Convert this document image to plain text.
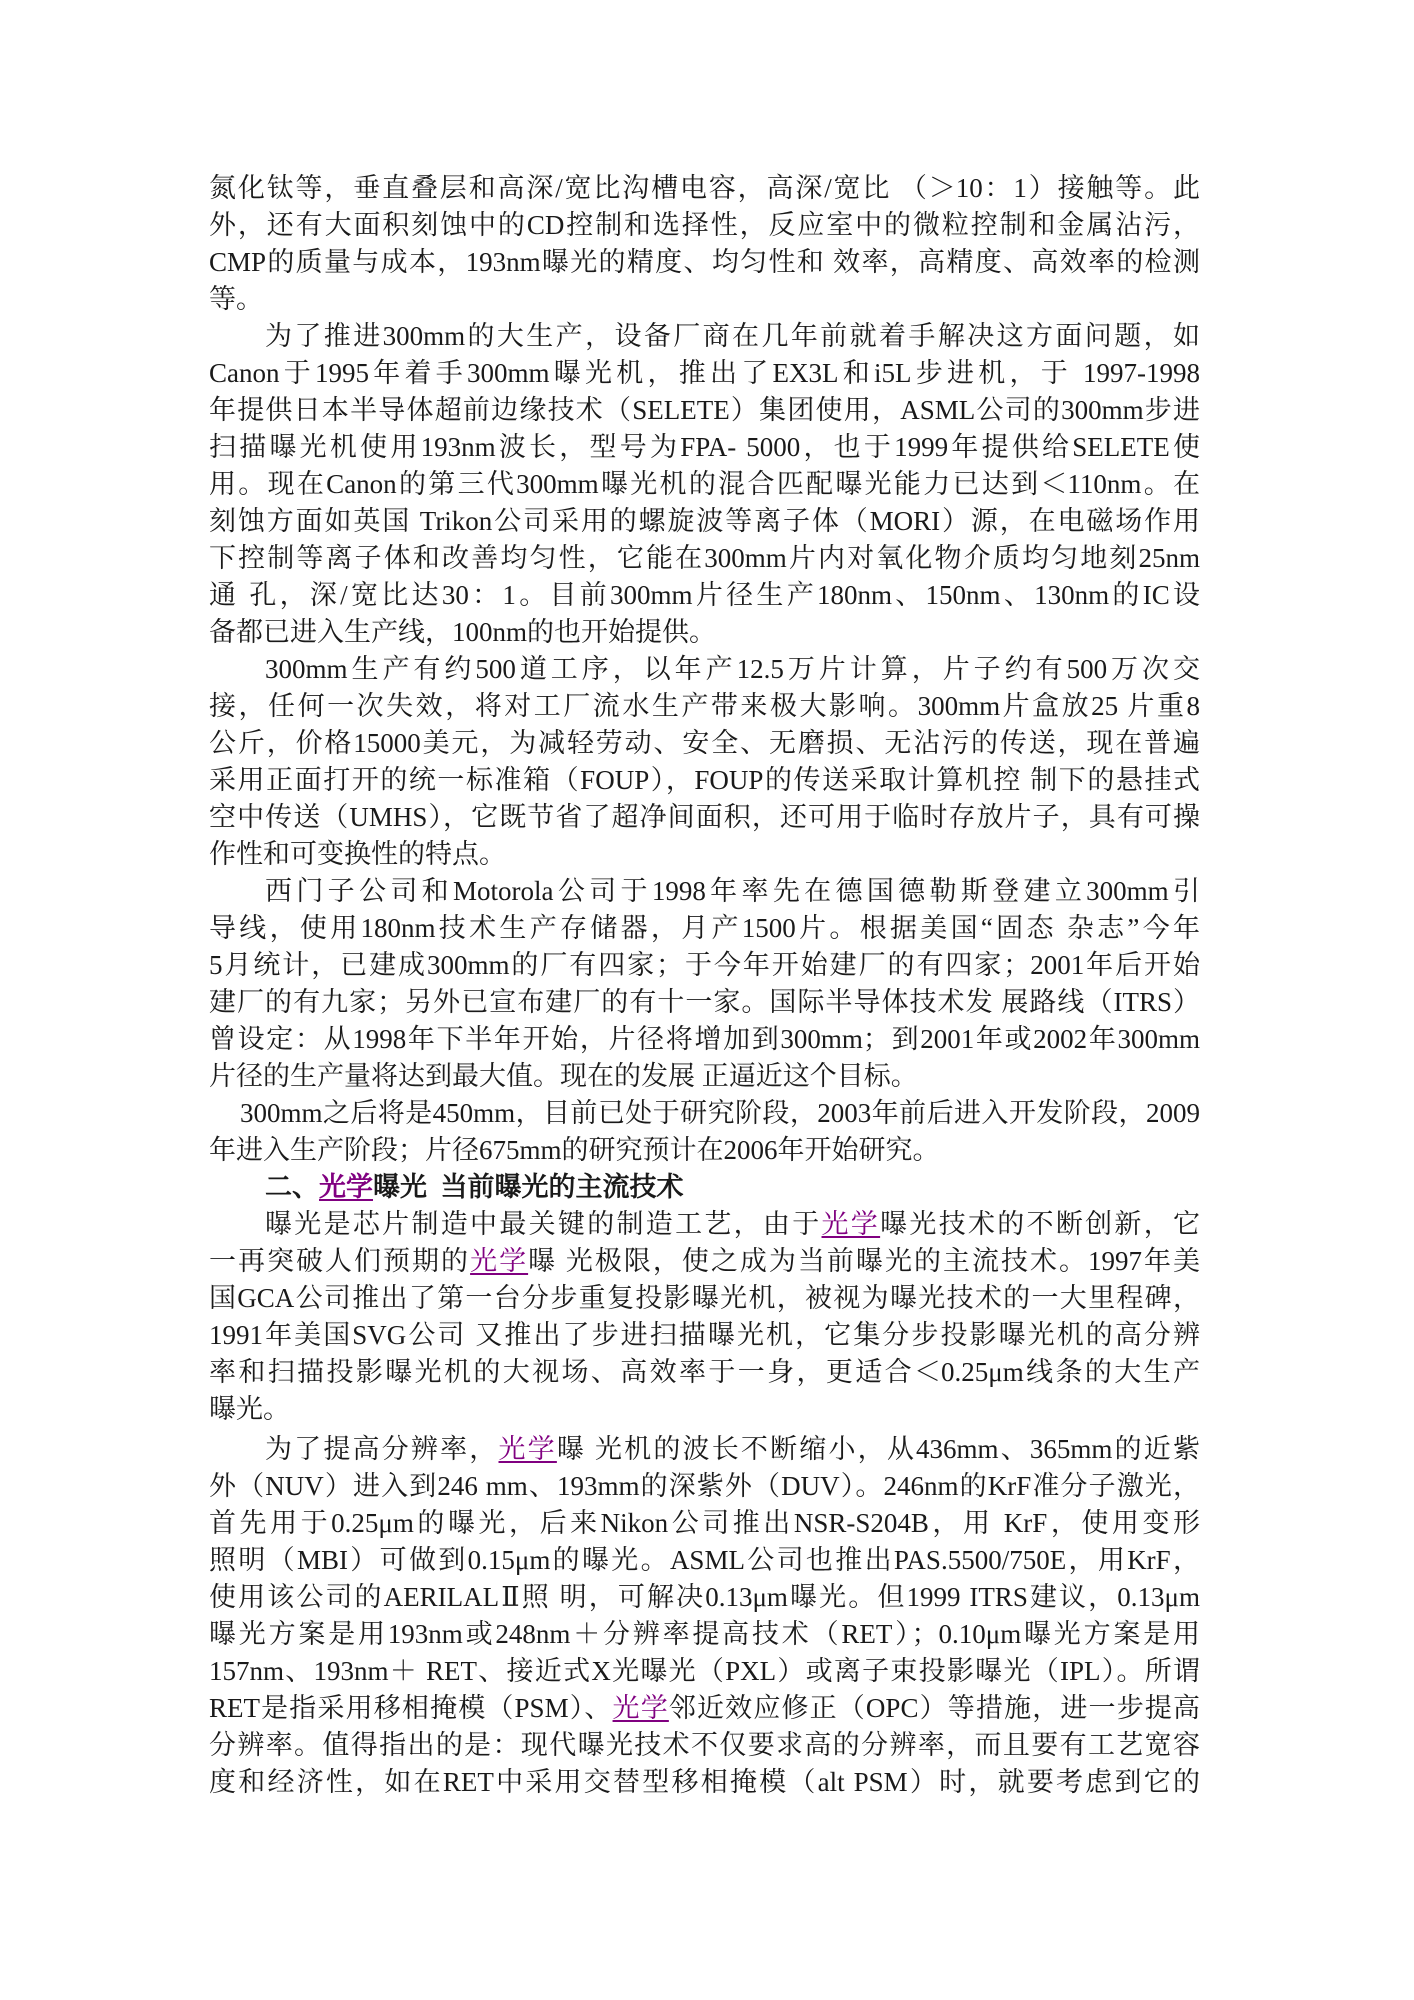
氮化钛等，垂直叠层和高深/宽比沟槽电容，高深/宽比 （＞10：1）接触等。此
外，还有大面积刻蚀中的CD控制和选择性，反应室中的微粒控制和金属沾污，
CMP的质量与成本，193nm曝光的精度、均匀性和 效率，高精度、高效率的检测
等。
为了推进300mm的大生产，设备厂商在几年前就着手解决这方面问题，如
Canon于1995年着手300mm曝光机，推出了EX3L和i5L步进机，于 1997-1998
年提供日本半导体超前边缘技术（SELETE）集团使用，ASML公司的300mm步进
扫描曝光机使用193nm波长，型号为FPA- 5000，也于1999年提供给SELETE使
用。现在Canon的第三代300mm曝光机的混合匹配曝光能力已达到＜110nm。在
刻蚀方面如英国 Trikon公司采用的螺旋波等离子体（MORI）源，在电磁场作用
下控制等离子体和改善均匀性，它能在300mm片内对氧化物介质均匀地刻25nm
通 孔，深/宽比达30：1。目前300mm片径生产180nm、150nm、130nm的IC设
备都已进入生产线，100nm的也开始提供。
300mm生产有约500道工序，以年产12.5万片计算，片子约有500万次交
接，任何一次失效，将对工厂流水生产带来极大影响。300mm片盒放25 片重8
公斤，价格15000美元，为减轻劳动、安全、无磨损、无沾污的传送，现在普遍
采用正面打开的统一标准箱（FOUP），FOUP的传送采取计算机控 制下的悬挂式
空中传送（UMHS），它既节省了超净间面积，还可用于临时存放片子，具有可操
作性和可变换性的特点。
西门子公司和Motorola公司于1998年率先在德国德勒斯登建立300mm引
导线，使用180nm技术生产存储器，月产1500片。根据美国“固态 杂志”今年
5月统计，已建成300mm的厂有四家；于今年开始建厂的有四家；2001年后开始
建厂的有九家；另外已宣布建厂的有十一家。国际半导体技术发 展路线（ITRS）
曾设定：从1998年下半年开始，片径将增加到300mm；到2001年或2002年300mm
片径的生产量将达到最大值。现在的发展 正逼近这个目标。
300mm之后将是450mm，目前已处于研究阶段，2003年前后进入开发阶段，2009
年进入生产阶段；片径675mm的研究预计在2006年开始研究。
二、光学曝光  当前曝光的主流技术
曝光是芯片制造中最关键的制造工艺，由于光学曝光技术的不断创新，它
一再突破人们预期的光学曝 光极限，使之成为当前曝光的主流技术。1997年美
国GCA公司推出了第一台分步重复投影曝光机，被视为曝光技术的一大里程碑，
1991年美国SVG公司 又推出了步进扫描曝光机，它集分步投影曝光机的高分辨
率和扫描投影曝光机的大视场、高效率于一身，更适合＜0.25μm线条的大生产
曝光。
为了提高分辨率，光学曝 光机的波长不断缩小，从436mm、365mm的近紫
外（NUV）进入到246 mm、193mm的深紫外（DUV）。246nm的KrF准分子激光，
首先用于0.25μm的曝光，后来Nikon公司推出NSR-S204B，用 KrF，使用变形
照明（MBI）可做到0.15μm的曝光。ASML公司也推出PAS.5500/750E，用KrF，
使用该公司的AERILALⅡ照 明，可解决0.13μm曝光。但1999 ITRS建议，0.13μm
曝光方案是用193nm或248nm＋分辨率提高技术（RET）；0.10μm曝光方案是用
157nm、193nm＋ RET、接近式X光曝光（PXL）或离子束投影曝光（IPL）。所谓
RET是指采用移相掩模（PSM）、光学邻近效应修正（OPC）等措施，进一步提高
分辨率。值得指出的是：现代曝光技术不仅要求高的分辨率，而且要有工艺宽容
度和经济性，如在RET中采用交替型移相掩模（alt PSM）时，就要考虑到它的
